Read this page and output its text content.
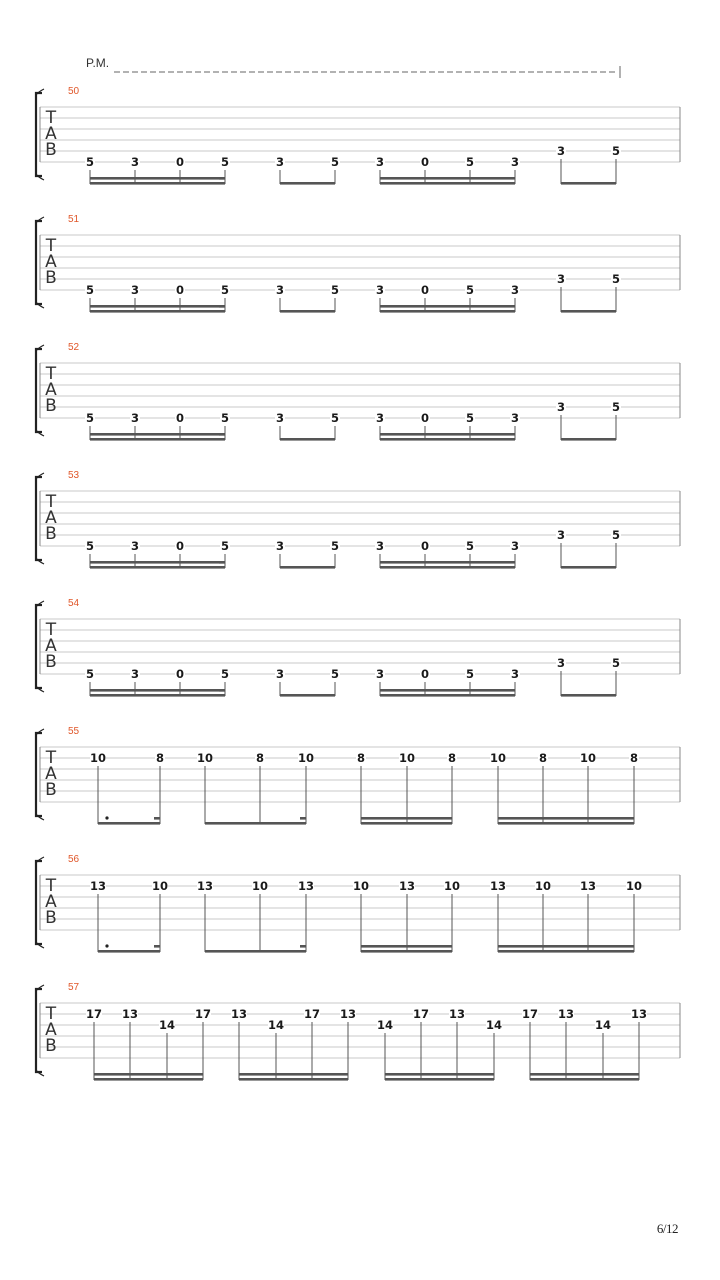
P.M.
50
T
A
B
5	3	0	5	3	5	3	0	5	3
3	5
51
T
A
B
5	3	0	5	3	5	3	0	5	3
3	5
52
T
A
B
5	3	0	5	3	5	3	0	5	3
3	5
53
T
A
B
5	3	0	5	3	5	3	0	5	3
3	5
54
T
A
B
5	3	0	5	3	5	3	0	5	3
3	5
55
T
A
B
10	8	10	8	10	8	10	8	10	8	10	8
56
T
A
B
13	10	13	10	13	10	13	10	13	10	13	10
57
T
A
B
17 13
14
17 13
14
17 13
14
17 13
14
17 13
14
13
6/12
